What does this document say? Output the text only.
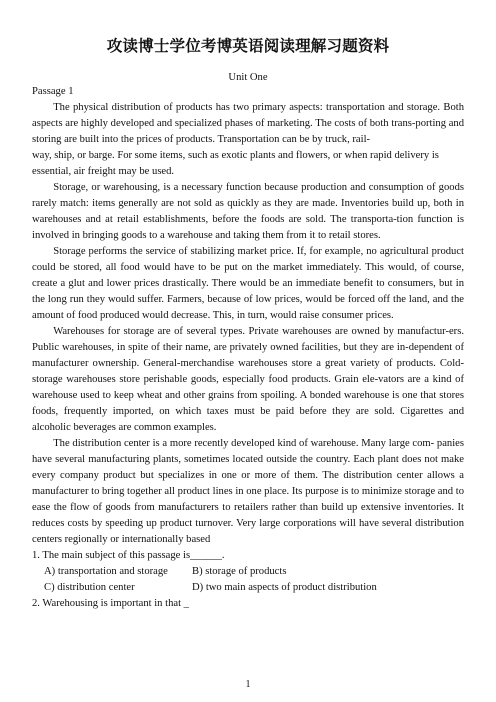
攻读博士学位考博英语阅读理解习题资料
Unit One
Passage 1

The physical distribution of products has two primary aspects: transportation and storage. Both aspects are highly developed and specialized phases of marketing. The costs of both trans-porting and storing are built into the prices of products. Transportation can be by truck, rail-

way, ship, or barge. For some items, such as exotic plants and flowers, or when rapid delivery is essential, air freight may be used.

Storage, or warehousing, is a necessary function because production and consumption of goods rarely match: items generally are not sold as quickly as they are made. Inventories build up, both in warehouses and at retail establishments, before the foods are sold. The transporta-tion function is involved in bringing goods to a warehouse and taking them from it to retail stores.

Storage performs the service of stabilizing market price. If, for example, no agricultural product could be stored, all food would have to be put on the market immediately. This would, of course, create a glut and lower prices drastically. There would be an immediate benefit to consumers, but in the long run they would suffer. Farmers, because of low prices, would be forced off the land, and the amount of food produced would decrease. This, in turn, would raise consumer prices.

Warehouses for storage are of several types. Private warehouses are owned by manufactur-ers. Public warehouses, in spite of their name, are privately owned facilities, but they are in-dependent of manufacturer ownership. General-merchandise warehouses store a great variety of products. Cold-storage warehouses store perishable goods, especially food products. Grain ele-vators are a kind of warehouse used to keep wheat and other grains from spoiling. A bonded warehouse is one that stores foods, frequently imported, on which taxes must be paid before they are sold. Cigarettes and alcoholic beverages are common examples.

The distribution center is a more recently developed kind of warehouse. Many large com- panies have several manufacturing plants, sometimes located outside the country. Each plant does not make every company product but specializes in one or more of them. The distribution center allows a manufacturer to bring together all product lines in one place. Its purpose is to minimize storage and to ease the flow of goods from manufacturers to retailers rather than build up extensive inventories. It reduces costs by speeding up product turnover. Very large corporations will have several distribution centers regionally or internationally based

1. The main subject of this passage is______.
A) transportation and storage	B) storage of products
C) distribution center	D) two main aspects of product distribution
2. Warehousing is important in that _
1
